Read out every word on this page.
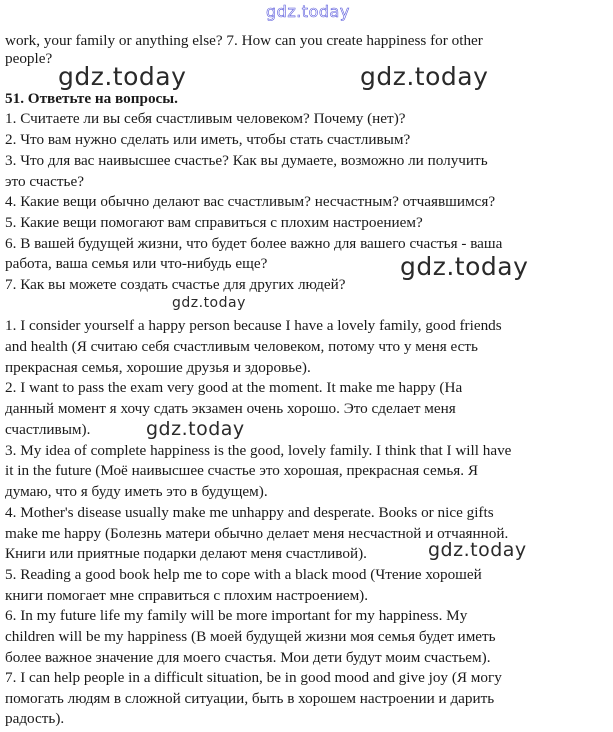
gdz.today
work, your family or anything else? 7. How can you create happiness for other
people?
gdz.today	gdz.today
51. Ответьте на вопросы.
1. Считаете ли вы себя счастливым человеком? Почему (нет)?
2. Что вам нужно сделать или иметь, чтобы стать счастливым?
3. Что для вас наивысшее счастье? Как вы думаете, возможно ли получить
это счастье?
4. Какие вещи обычно делают вас счастливым? несчастным? отчаявшимся?
5. Какие вещи помогают вам справиться с плохим настроением?
6. В вашей будущей жизни, что будет более важно для вашего счастья - ваша
работа, ваша семья или что-нибудь еще?	gdz.today
7. Как вы можете создать счастье для других людей?
gdz.today
1. I consider yourself a happy person because I have a lovely family, good friends
and health (Я считаю себя счастливым человеком, потому что у меня есть
прекрасная семья, хорошие друзья и здоровье).
2. I want to pass the exam very good at the moment. It make me happy (На
данный момент я хочу сдать экзамен очень хорошо. Это сделает меня
счастливым).	gdz.today
3. My idea of complete happiness is the good, lovely family. I think that I will have
it in the future (Моё наивысшее счастье это хорошая, прекрасная семья. Я
думаю, что я буду иметь это в будущем).
4. Mother's disease usually make me unhappy and desperate. Books or nice gifts
make me happy (Болезнь матери обычно делает меня несчастной и отчаянной.
Книги или приятные подарки делают меня счастливой).	gdz.today
5. Reading a good book help me to cope with a black mood (Чтение хорошей
книги помогает мне справиться с плохим настроением).
6. In my future life my family will be more important for my happiness. My
children will be my happiness (В моей будущей жизни моя семья будет иметь
более важное значение для моего счастья. Мои дети будут моим счастьем).
7. I can help people in a difficult situation, be in good mood and give joy (Я могу
помогать людям в сложной ситуации, быть в хорошем настроении и дарить
радость).
